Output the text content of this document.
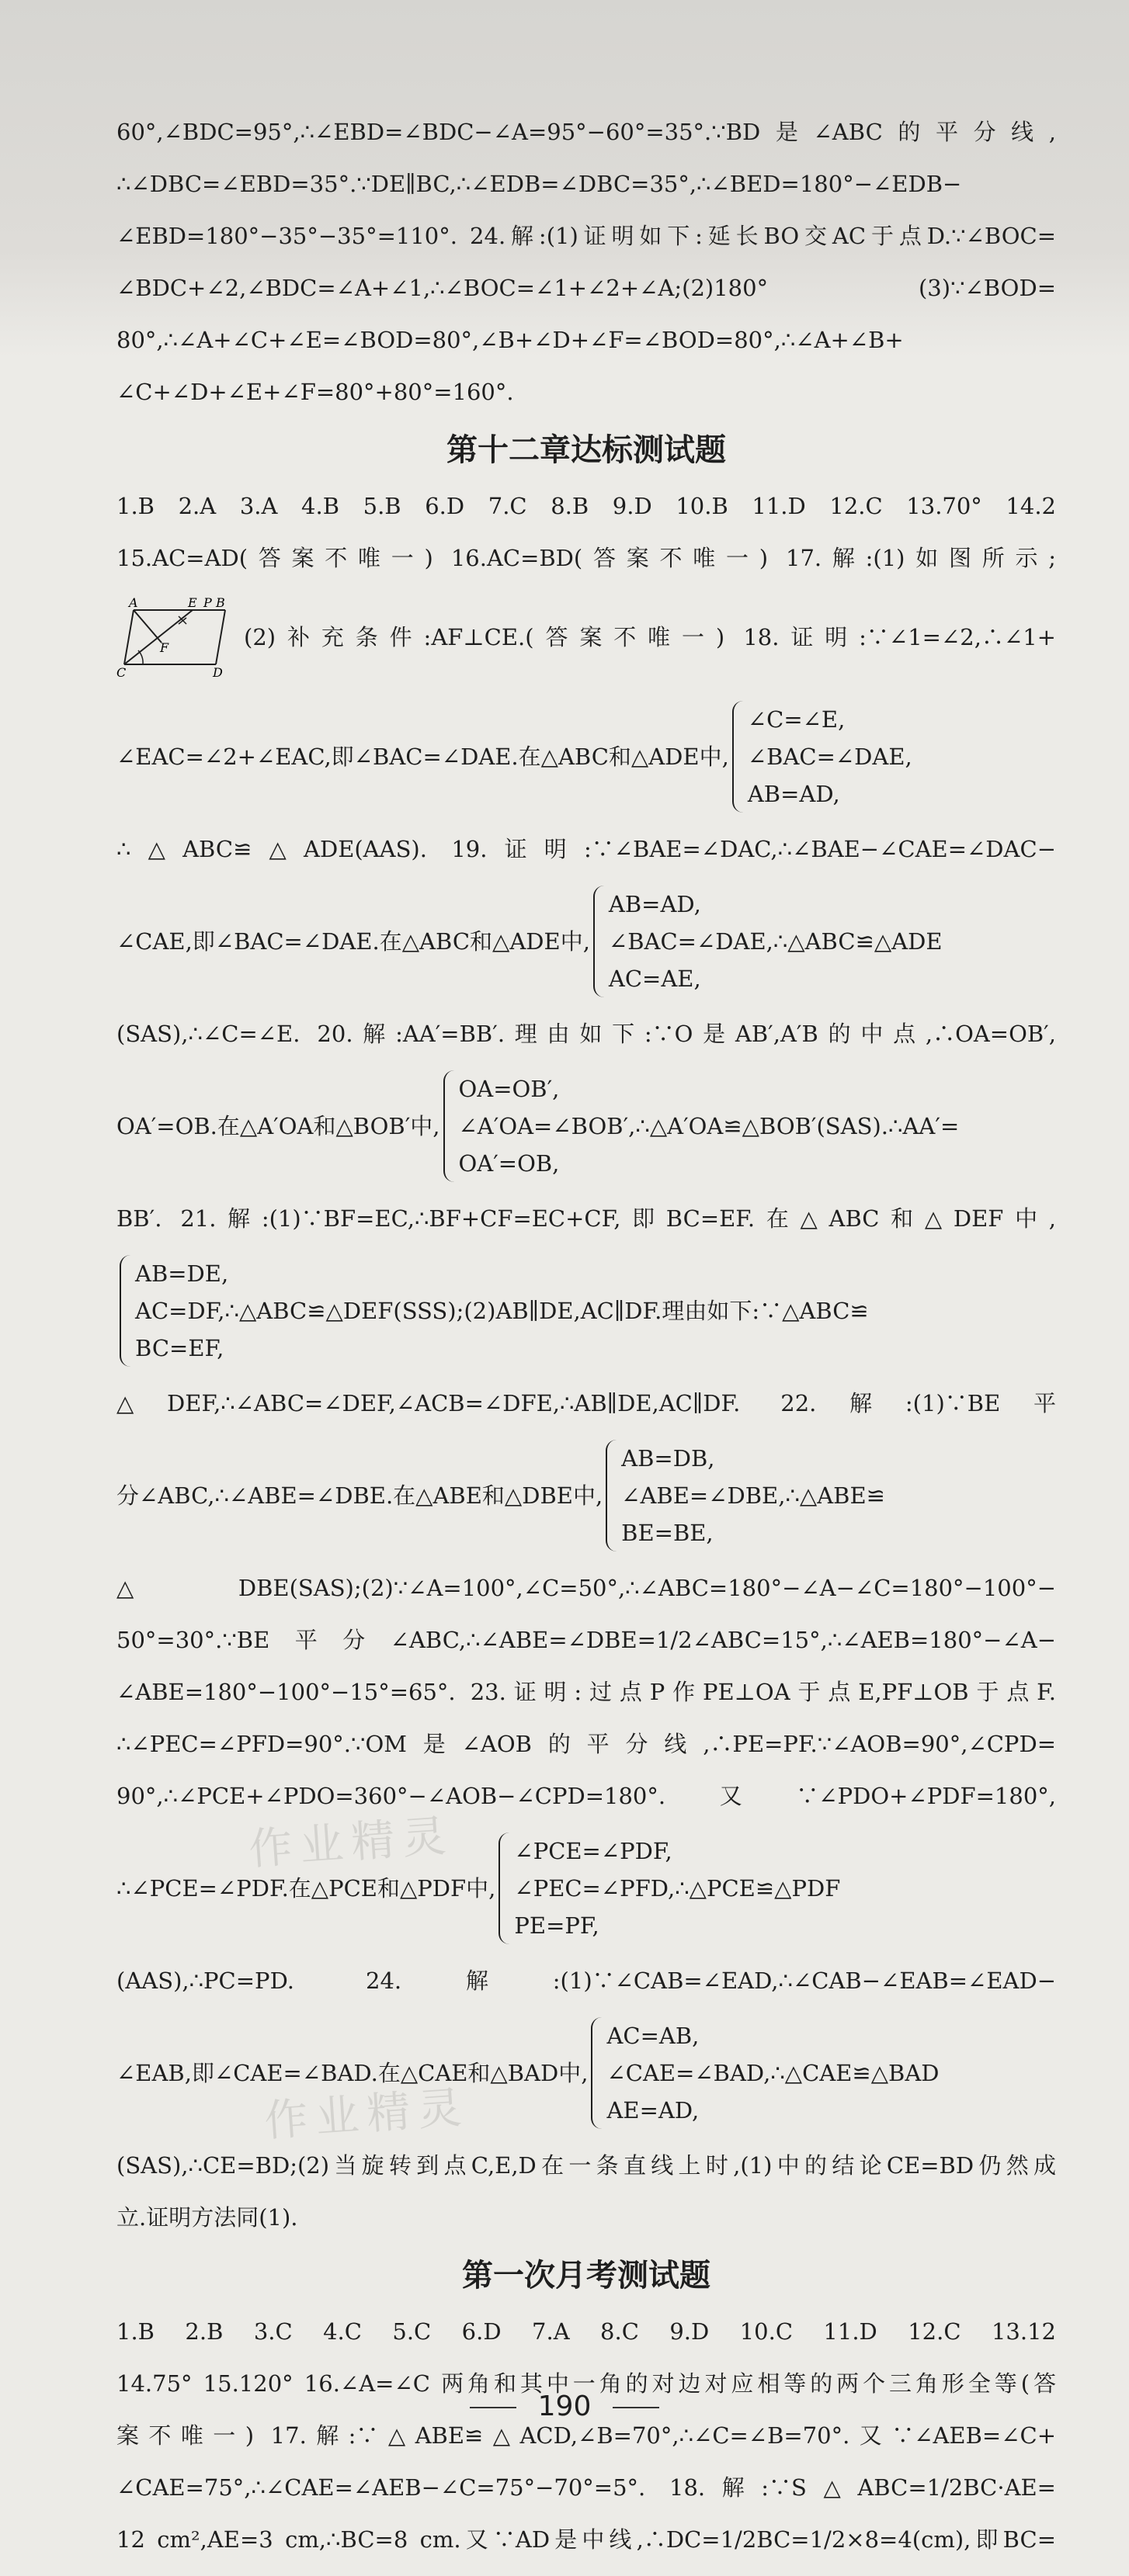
60°,∠BDC=95°,∴∠EBD=∠BDC−∠A=95°−60°=35°.∵BD是∠ABC的平分线,
∴∠DBC=∠EBD=35°.∵DE∥BC,∴∠EDB=∠DBC=35°,∴∠BED=180°−∠EDB−
∠EBD=180°−35°−35°=110°. 24.解:(1)证明如下:延长BO交AC于点D.∵∠BOC=
∠BDC+∠2,∠BDC=∠A+∠1,∴∠BOC=∠1+∠2+∠A;(2)180° (3)∵∠BOD=
80°,∴∠A+∠C+∠E=∠BOD=80°,∠B+∠D+∠F=∠BOD=80°,∴∠A+∠B+
∠C+∠D+∠E+∠F=80°+80°=160°.
第十二章达标测试题
1.B 2.A 3.A 4.B 5.B 6.D 7.C 8.B 9.D 10.B 11.D 12.C 13.70° 14.2
15.AC=AD(答案不唯一) 16.AC=BD(答案不唯一) 17.解:(1)如图所示;
A	E P B
F
C	D
(2)补充条件:AF⊥CE.(答案不唯一) 18.证明:∵∠1=∠2,∴∠1+
∠EAC=∠2+∠EAC,即∠BAC=∠DAE.在△ABC和△ADE中,
∠C=∠E,
∠BAC=∠DAE,
AB=AD,
∴△ABC≌△ADE(AAS). 19.证明:∵∠BAE=∠DAC,∴∠BAE−∠CAE=∠DAC−
∠CAE,即∠BAC=∠DAE.在△ABC和△ADE中,
AB=AD,
∠BAC=∠DAE,∴△ABC≌△ADE
AC=AE,
(SAS),∴∠C=∠E. 20.解:AA′=BB′.理由如下:∵O是AB′,A′B的中点,∴OA=OB′,
OA′=OB.在△A′OA和△BOB′中,
OA=OB′,
∠A′OA=∠BOB′,∴△A′OA≌△BOB′(SAS).∴AA′=
OA′=OB,
BB′. 21.解:(1)∵BF=EC,∴BF+CF=EC+CF,即BC=EF.在△ABC和△DEF中,
AB=DE,
AC=DF,∴△ABC≌△DEF(SSS);(2)AB∥DE,AC∥DF.理由如下:∵△ABC≌
BC=EF,
△DEF,∴∠ABC=∠DEF,∠ACB=∠DFE,∴AB∥DE,AC∥DF. 22.解:(1)∵BE平
分∠ABC,∴∠ABE=∠DBE.在△ABE和△DBE中,
AB=DB,
∠ABE=∠DBE,∴△ABE≌
BE=BE,
△DBE(SAS);(2)∵∠A=100°,∠C=50°,∴∠ABC=180°−∠A−∠C=180°−100°−
50°=30°.∵BE平分∠ABC,∴∠ABE=∠DBE=1/2∠ABC=15°,∴∠AEB=180°−∠A−
∠ABE=180°−100°−15°=65°. 23.证明:过点P作PE⊥OA于点E,PF⊥OB于点F.
∴∠PEC=∠PFD=90°.∵OM是∠AOB的平分线,∴PE=PF.∵∠AOB=90°,∠CPD=
90°,∴∠PCE+∠PDO=360°−∠AOB−∠CPD=180°.又∵∠PDO+∠PDF=180°,
∴∠PCE=∠PDF.在△PCE和△PDF中,
∠PCE=∠PDF,
∠PEC=∠PFD,∴△PCE≌△PDF
PE=PF,
(AAS),∴PC=PD. 24.解:(1)∵∠CAB=∠EAD,∴∠CAB−∠EAB=∠EAD−
∠EAB,即∠CAE=∠BAD.在△CAE和△BAD中,
AC=AB,
∠CAE=∠BAD,∴△CAE≌△BAD
AE=AD,
(SAS),∴CE=BD;(2)当旋转到点C,E,D在一条直线上时,(1)中的结论CE=BD仍然成
立.证明方法同(1).
第一次月考测试题
1.B 2.B 3.C 4.C 5.C 6.D 7.A 8.C 9.D 10.C 11.D 12.C 13.12
14.75° 15.120° 16.∠A=∠C 两角和其中一角的对边对应相等的两个三角形全等(答
案不唯一) 17.解:∵△ABE≌△ACD,∠B=70°,∴∠C=∠B=70°.又∵∠AEB=∠C+
∠CAE=75°,∴∠CAE=∠AEB−∠C=75°−70°=5°. 18.解:∵S△ABC=1/2BC·AE=
12 cm²,AE=3 cm,∴BC=8 cm.又∵AD是中线,∴DC=1/2BC=1/2×8=4(cm),即BC=
作业精灵
作业精灵
190
